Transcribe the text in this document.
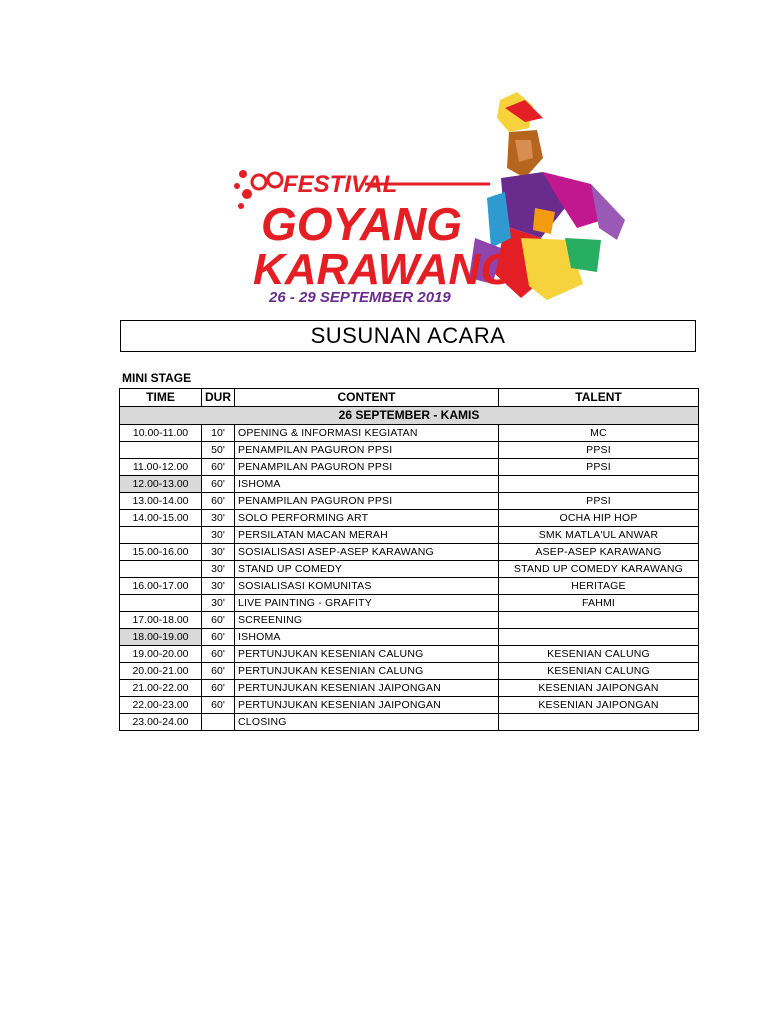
FESTIVAL
GOYANG
KARAWANG
26 - 29 SEPTEMBER 2019
SUSUNAN ACARA
MINI STAGE
TIME	DUR	CONTENT	TALENT
26 SEPTEMBER - KAMIS			
10.00-11.00	10'	OPENING & INFORMASI KEGIATAN	MC
	50'	PENAMPILAN PAGURON PPSI	PPSI
11.00-12.00	60'	PENAMPILAN PAGURON PPSI	PPSI
12.00-13.00	60'	ISHOMA	
13.00-14.00	60'	PENAMPILAN PAGURON PPSI	PPSI
14.00-15.00	30'	SOLO PERFORMING ART	OCHA HIP HOP
	30'	PERSILATAN MACAN MERAH	SMK MATLA'UL ANWAR
15.00-16.00	30'	SOSIALISASI ASEP-ASEP KARAWANG	ASEP-ASEP KARAWANG
	30'	STAND UP COMEDY	STAND UP COMEDY KARAWANG
16.00-17.00	30'	SOSIALISASI KOMUNITAS	HERITAGE
	30'	LIVE PAINTING - GRAFITY	FAHMI
17.00-18.00	60'	SCREENING	
18.00-19.00	60'	ISHOMA	
19.00-20.00	60'	PERTUNJUKAN KESENIAN CALUNG	KESENIAN CALUNG
20.00-21.00	60'	PERTUNJUKAN KESENIAN CALUNG	KESENIAN CALUNG
21.00-22.00	60'	PERTUNJUKAN KESENIAN JAIPONGAN	KESENIAN JAIPONGAN
22.00-23.00	60'	PERTUNJUKAN KESENIAN JAIPONGAN	KESENIAN JAIPONGAN
23.00-24.00		CLOSING	
